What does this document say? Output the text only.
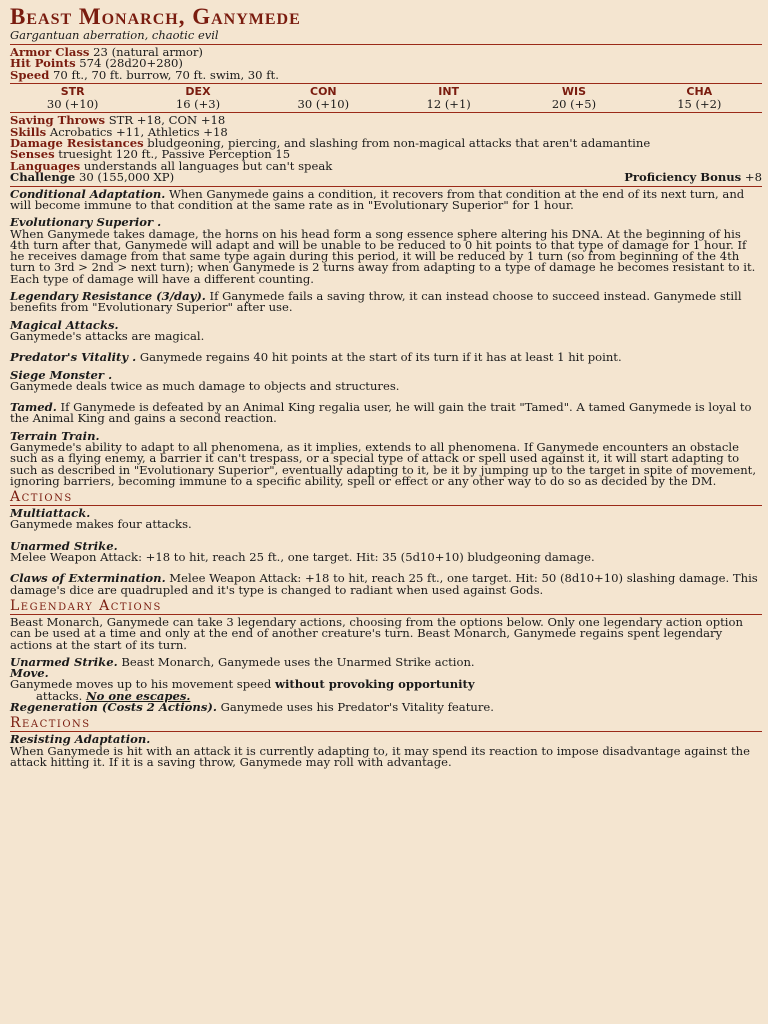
Beast Monarch, Ganymede
Gargantuan aberration, chaotic evil
Armor Class 23 (natural armor)
Hit Points 574 (28d20+280)
Speed 70 ft., 70 ft. burrow, 70 ft. swim, 30 ft.
STR
30 (+10)
DEX
16 (+3)
CON
30 (+10)
INT
12 (+1)
WIS
20 (+5)
CHA
15 (+2)
Saving Throws STR +18, CON +18
Skills Acrobatics +11, Athletics +18
Damage Resistances bludgeoning, piercing, and slashing from non-magical attacks that aren't adamantine
Senses truesight 120 ft., Passive Perception 15
Languages understands all languages but can't speak
Challenge 30 (155,000 XP)	Proficiency Bonus +8
Conditional Adaptation. When Ganymede gains a condition, it recovers from that condition at the end of its next turn, and will become immune to that condition at the same rate as in "Evolutionary Superior" for 1 hour.
Evolutionary Superior .
When Ganymede takes damage, the horns on his head form a song essence sphere altering his DNA. At the beginning of his 4th turn after that, Ganymede will adapt and will be unable to be reduced to 0 hit points to that type of damage for 1 hour. If he receives damage from that same type again during this period, it will be reduced by 1 turn (so from beginning of the 4th turn to 3rd > 2nd > next turn); when Ganymede is 2 turns away from adapting to a type of damage he becomes resistant to it. Each type of damage will have a different counting.
Legendary Resistance (3/day). If Ganymede fails a saving throw, it can instead choose to succeed instead. Ganymede still benefits from "Evolutionary Superior" after use.
Magical Attacks.
Ganymede's attacks are magical.
Predator's Vitality . Ganymede regains 40 hit points at the start of its turn if it has at least 1 hit point.
Siege Monster .
Ganymede deals twice as much damage to objects and structures.
Tamed. If Ganymede is defeated by an Animal King regalia user, he will gain the trait "Tamed". A tamed Ganymede is loyal to the Animal King and gains a second reaction.
Terrain Train.
Ganymede's ability to adapt to all phenomena, as it implies, extends to all phenomena. If Ganymede encounters an obstacle such as a flying enemy, a barrier it can't trespass, or a special type of attack or spell used against it, it will start adapting to such as described in "Evolutionary Superior", eventually adapting to it, be it by jumping up to the target in spite of movement, ignoring barriers, becoming immune to a specific ability, spell or effect or any other way to do so as decided by the DM.
Actions
Multiattack.
Ganymede makes four attacks.
Unarmed Strike.
Melee Weapon Attack: +18 to hit, reach 25 ft., one target. Hit: 35 (5d10+10) bludgeoning damage.
Claws of Extermination. Melee Weapon Attack: +18 to hit, reach 25 ft., one target. Hit: 50 (8d10+10) slashing damage. This damage's dice are quadrupled and it's type is changed to radiant when used against Gods.
Legendary Actions
Beast Monarch, Ganymede can take 3 legendary actions, choosing from the options below. Only one legendary action option can be used at a time and only at the end of another creature's turn. Beast Monarch, Ganymede regains spent legendary actions at the start of its turn.
Unarmed Strike. Beast Monarch, Ganymede uses the Unarmed Strike action.
Move.
Ganymede moves up to his movement speed without provoking opportunity
attacks. No one escapes.
Regeneration (Costs 2 Actions). Ganymede uses his Predator's Vitality feature.
Reactions
Resisting Adaptation.
When Ganymede is hit with an attack it is currently adapting to, it may spend its reaction to impose disadvantage against the attack hitting it. If it is a saving throw, Ganymede may roll with advantage.
